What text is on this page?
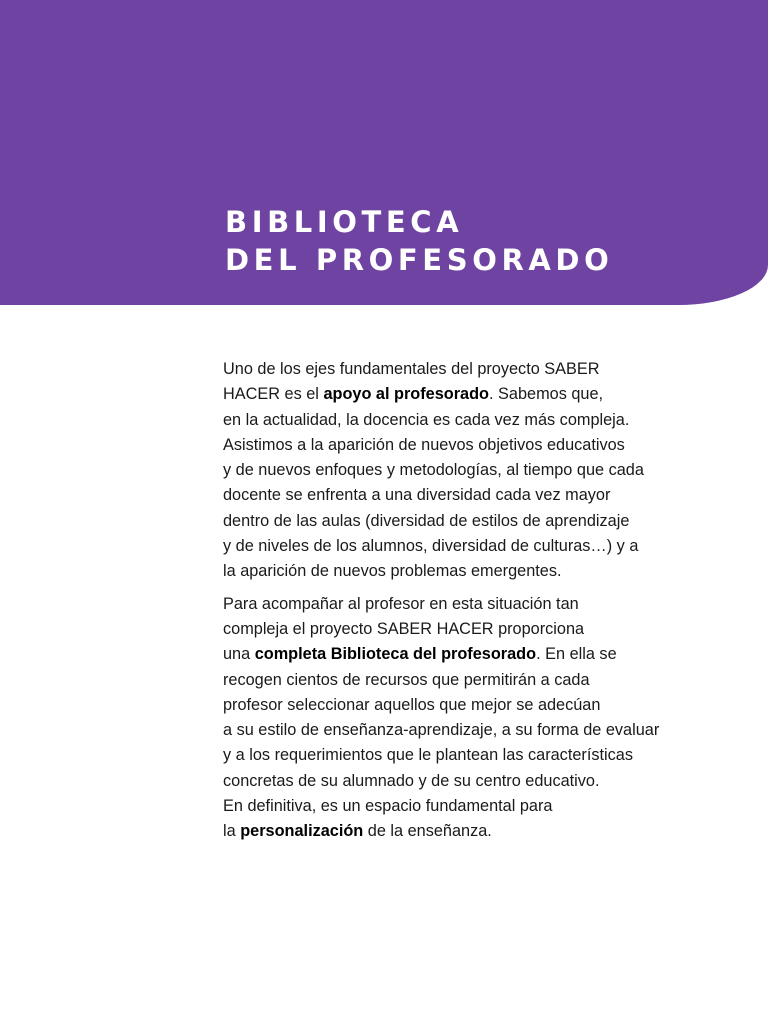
BIBLIOTECA
DEL PROFESORADO

Uno de los ejes fundamentales del proyecto SABER
HACER es el apoyo al profesorado. Sabemos que,
en la actualidad, la docencia es cada vez más compleja.
Asistimos a la aparición de nuevos objetivos educativos
y de nuevos enfoques y metodologías, al tiempo que cada
docente se enfrenta a una diversidad cada vez mayor
dentro de las aulas (diversidad de estilos de aprendizaje
y de niveles de los alumnos, diversidad de culturas…) y a
la aparición de nuevos problemas emergentes.

Para acompañar al profesor en esta situación tan
compleja el proyecto SABER HACER proporciona
una completa Biblioteca del profesorado. En ella se
recogen cientos de recursos que permitirán a cada
profesor seleccionar aquellos que mejor se adecúan
a su estilo de enseñanza-aprendizaje, a su forma de evaluar
y a los requerimientos que le plantean las características
concretas de su alumnado y de su centro educativo.
En definitiva, es un espacio fundamental para
la personalización de la enseñanza.
